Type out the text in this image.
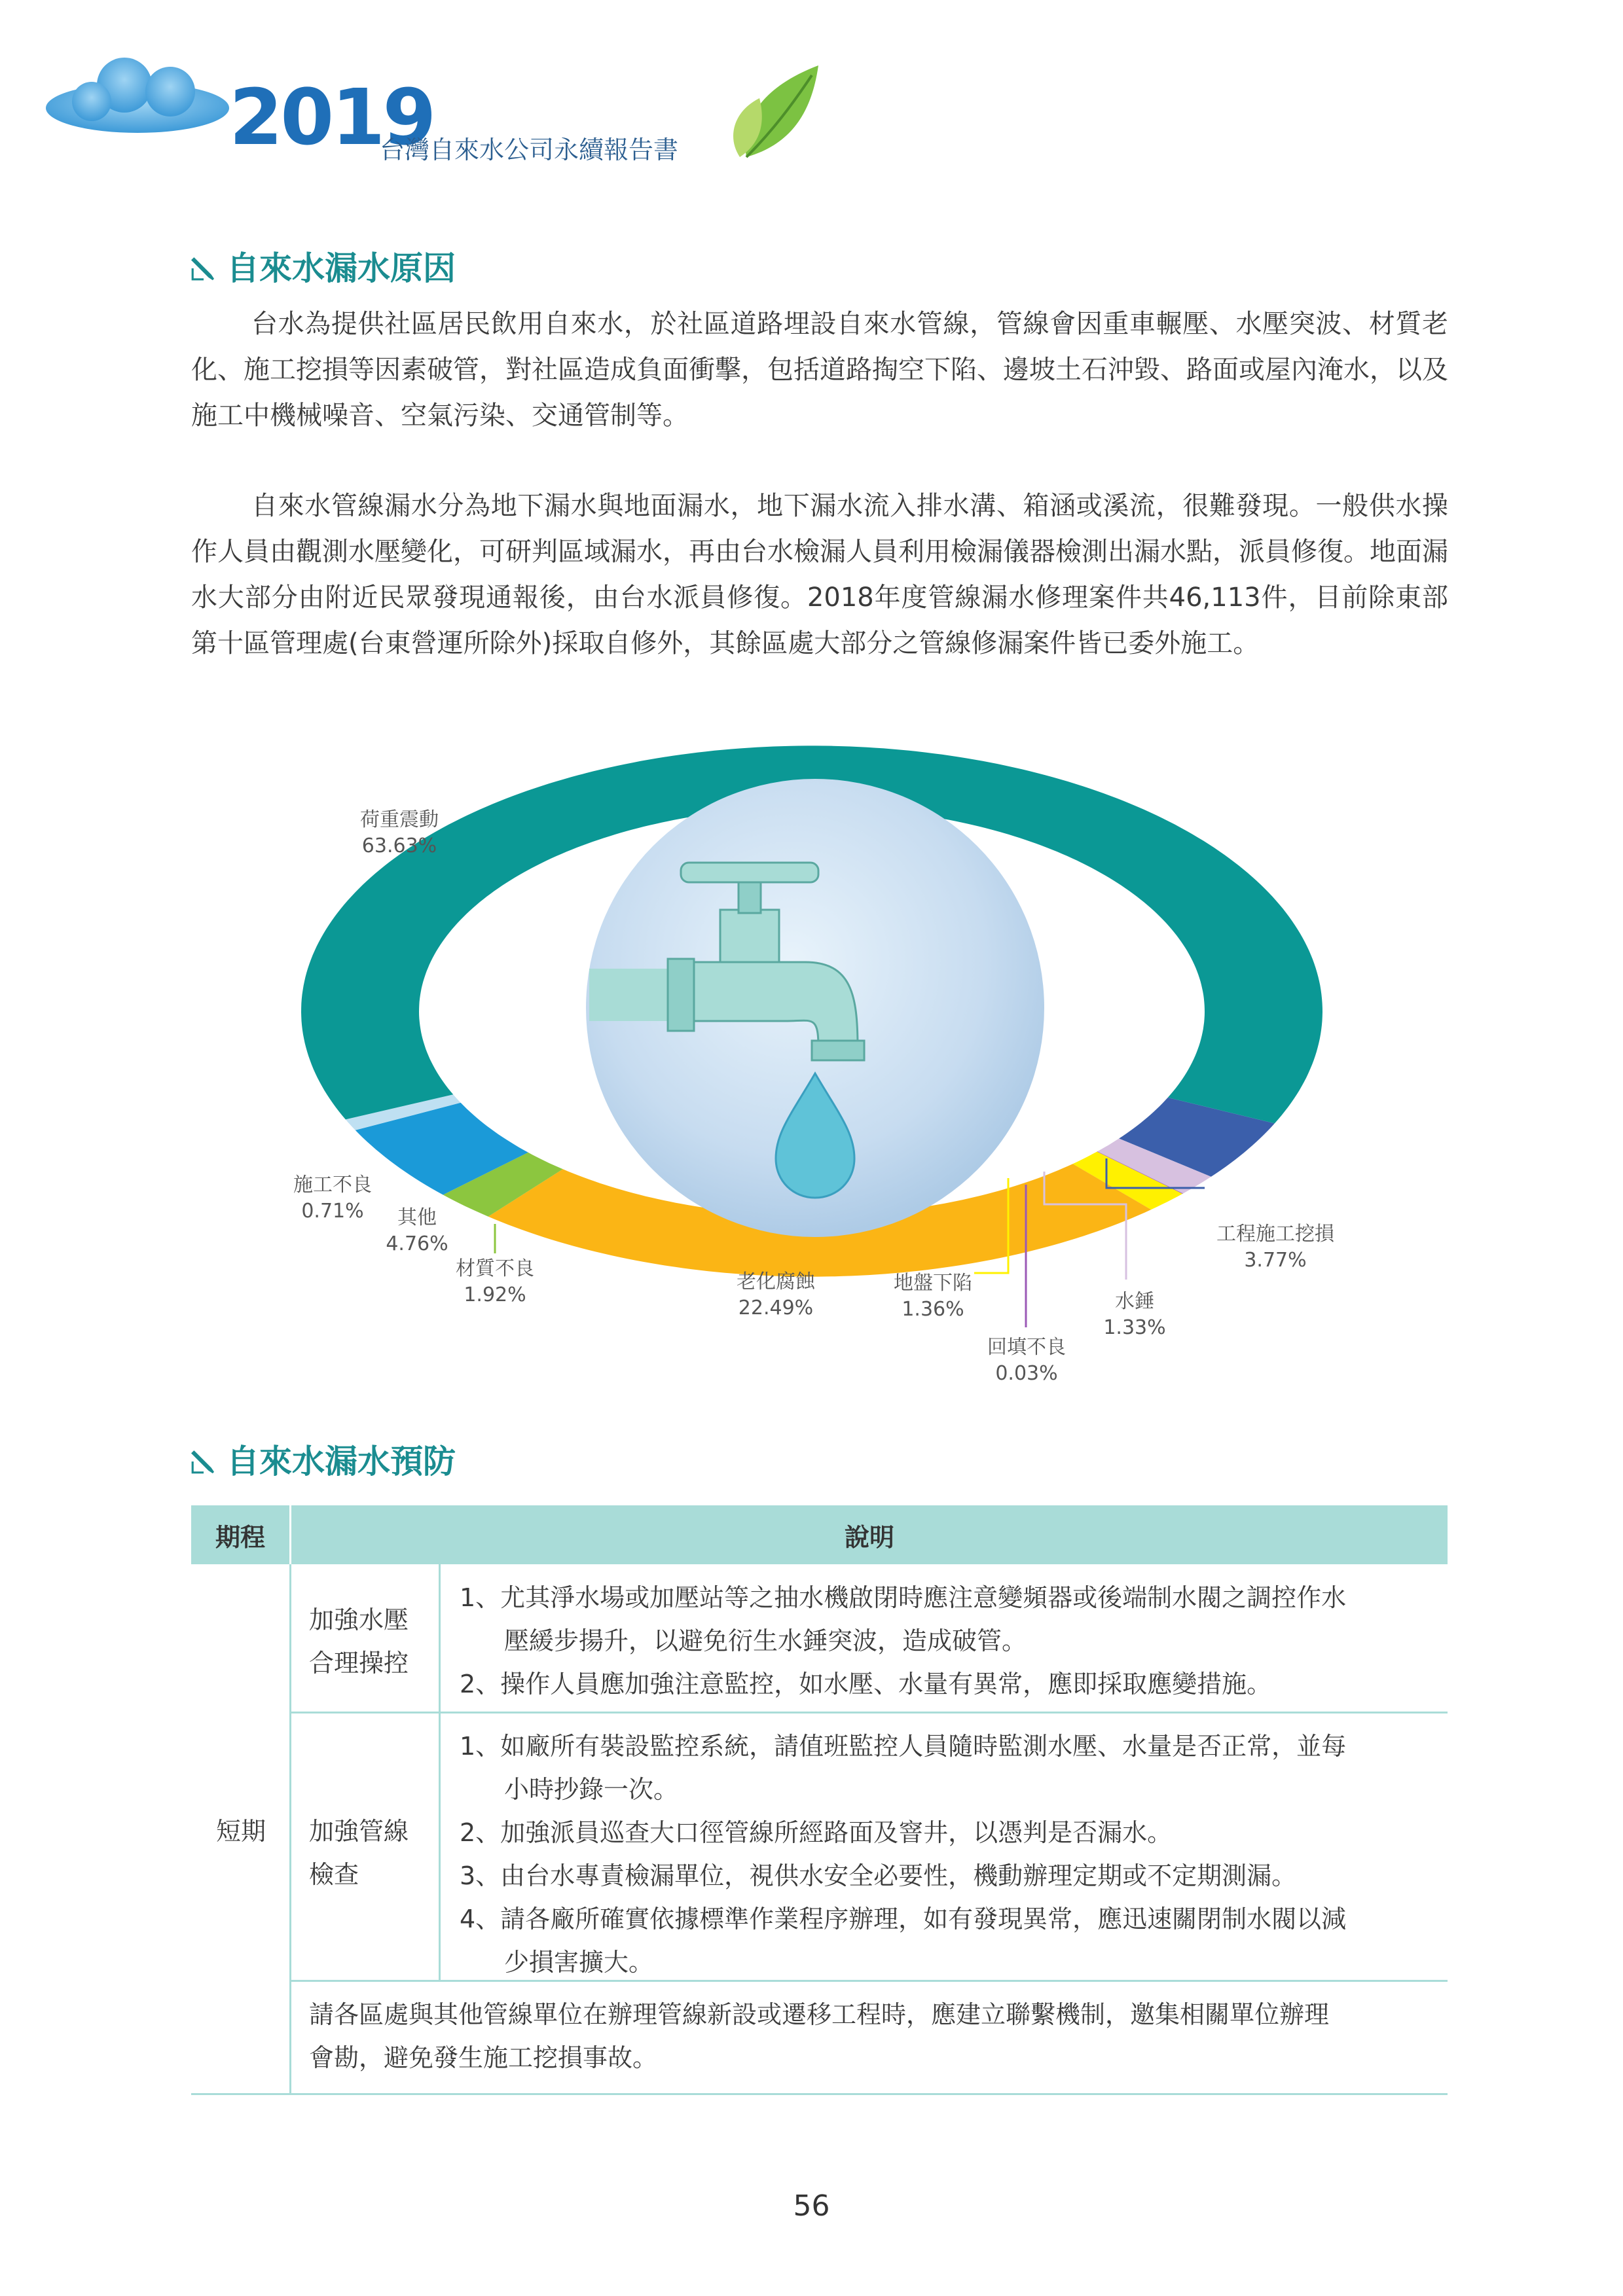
2019
台灣自來水公司永續報告書
自來水漏水原因

台水為提供社區居民飲用自來水，於社區道路埋設自來水管線，管線會因重車輾壓、水壓突波、材質老化、施工挖損等因素破管，對社區造成負面衝擊，包括道路掏空下陷、邊坡土石沖毀、路面或屋內淹水，以及施工中機械噪音、空氣污染、交通管制等。

自來水管線漏水分為地下漏水與地面漏水，地下漏水流入排水溝、箱涵或溪流，很難發現。一般供水操作人員由觀測水壓變化，可研判區域漏水，再由台水檢漏人員利用檢漏儀器檢測出漏水點，派員修復。地面漏水大部分由附近民眾發現通報後，由台水派員修復。2018年度管線漏水修理案件共46,113件，目前除東部第十區管理處(台東營運所除外)採取自修外，其餘區處大部分之管線修漏案件皆已委外施工。

荷重震動
63.63%
施工不良
0.71% 其他
4.76%
材質不良
1.92%
老化腐蝕
22.49%
地盤下陷
1.36%
回填不良
0.03%
水錘
1.33%
工程施工挖損
3.77%
自來水漏水預防
期程	說明
短期
加強水壓
合理操控
1、尤其淨水場或加壓站等之抽水機啟閉時應注意變頻器或後端制水閥之調控作水
壓緩步揚升，以避免衍生水錘突波，造成破管。
2、操作人員應加強注意監控，如水壓、水量有異常，應即採取應變措施。
加強管線
檢查
1、如廠所有裝設監控系統，請值班監控人員隨時監測水壓、水量是否正常，並每
小時抄錄一次。
2、加強派員巡查大口徑管線所經路面及窨井，以憑判是否漏水。
3、由台水專責檢漏單位，視供水安全必要性，機動辦理定期或不定期測漏。
4、請各廠所確實依據標準作業程序辦理，如有發現異常，應迅速關閉制水閥以減
少損害擴大。
請各區處與其他管線單位在辦理管線新設或遷移工程時，應建立聯繫機制，邀集相關單位辦理
會勘，避免發生施工挖損事故。
56
